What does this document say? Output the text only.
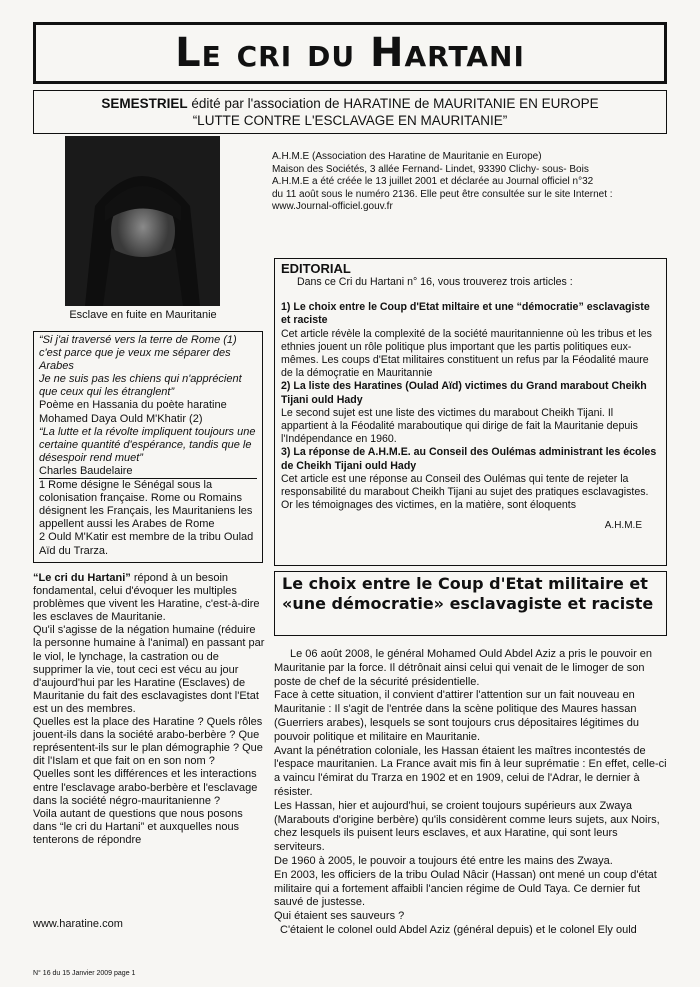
Le cri du Hartani
SEMESTRIEL édité par l'association de HARATINE de MAURITANIE EN EUROPE
“LUTTE CONTRE L'ESCLAVAGE EN MAURITANIE”
Esclave en fuite en Mauritanie
A.H.M.E (Association des Haratine de Mauritanie en Europe)
Maison des Sociétés, 3 allée Fernand- Lindet, 93390 Clichy- sous- Bois
A.H.M.E a été créée le 13 juillet 2001 et déclarée au Journal officiel n°32
du 11 août sous le numéro 2136. Elle peut être consultée sur le site Internet :
www.Journal-officiel.gouv.fr
EDITORIAL

Dans ce Cri du Hartani n° 16, vous trouverez trois articles :

1) Le choix entre le Coup d'Etat miltaire et une “démocratie” esclavagiste et raciste

Cet article révèle la complexité de la société mauritannienne où les tribus et les ethnies jouent un rôle politique plus important que les partis politiques eux-mêmes. Les coups d'Etat militaires constituent un refus par la Féodalité maure de la démoçratie en Mauritannie

2) La liste des Haratines (Oulad Aïd) victimes du Grand marabout Cheikh Tijani ould Hady

Le second sujet est une liste des victimes du marabout Cheikh Tijani. Il appartient à la Féodalité maraboutique qui dirige de fait la Mauritanie depuis l'Indépendance en 1960.

3) La réponse de A.H.M.E. au Conseil des Oulémas administrant les écoles de Cheikh Tijani ould Hady

Cet article est une réponse au Conseil des Oulémas qui tente de rejeter la responsabilité du marabout Cheikh Tijani au sujet des pratiques esclavagistes. Or les témoignages des victimes, en la matière, sont éloquents

A.H.M.E

“Si j'ai traversé vers la terre de Rome (1) c'est parce que je veux me séparer des Arabes

Je ne suis pas les chiens qui n'apprécient que ceux qui les étranglent”

Poème en Hassania du poète haratine Mohamed Daya Ould M'Khatir (2)

“La lutte et la révolte impliquent toujours une certaine quantité d'espérance, tandis que le désespoir rend muet”

Charles Baudelaire

1 Rome désigne le Sénégal sous la colonisation française. Rome ou Romains désignent les Français, les Mauritaniens les appellent aussi les Arabes de Rome

2 Ould M'Katir est membre de la tribu Oulad Aïd du Trarza.

“Le cri du Hartani” répond à un besoin fondamental, celui d'évoquer les multiples problèmes que vivent les Haratine, c'est-à-dire les esclaves de Mauritanie.

Qu'il s'agisse de la négation humaine (réduire la personne humaine à l'animal) en passant par le viol, le lynchage, la castration ou de supprimer la vie, tout ceci est vécu au jour d'aujourd'hui par les Haratine (Esclaves) de Mauritanie du fait des esclavagistes dont l'Etat est un des membres.

Quelles est la place des Haratine ? Quels rôles jouent-ils dans la société arabo-berbère ? Que représentent-ils sur le plan démographie ? Que dit l'Islam et que fait on en son nom ?

Quelles sont les différences et les interactions entre l'esclavage arabo-berbère et l'esclavage dans la société négro-mauritanienne ?

Voila autant de questions que nous posons dans “le cri du Hartani” et auxquelles nous tenterons de répondre

www.haratine.com
N° 16 du 15 Janvier 2009 page 1
Le choix entre le Coup d'Etat militaire et «une démocratie» esclavagiste et raciste

Le 06 août 2008, le général Mohamed Ould Abdel Aziz a pris le pouvoir en Mauritanie par la force. Il détrônait ainsi celui qui venait de le limoger de son poste de chef de la sécurité présidentielle.

Face à cette situation, il convient d'attirer l'attention sur un fait nouveau en Mauritanie : Il s'agit de l'entrée dans la scène politique des Maures hassan (Guerriers arabes), lesquels se sont toujours crus dépositaires légitimes du pouvoir politique et militaire en Mauritanie.

Avant la pénétration coloniale, les Hassan étaient les maîtres incontestés de l'espace mauritanien. La France avait mis fin à leur suprématie : En effet, celle-ci a vaincu l'émirat du Trarza en 1902 et en 1909, celui de l'Adrar, le dernier à résister.

Les Hassan, hier et aujourd'hui, se croient toujours supérieurs aux Zwaya (Marabouts d'origine berbère) qu'ils considèrent comme leurs sujets, aux Noirs, chez lesquels ils puisent leurs esclaves, et aux Haratine, qui sont leurs serviteurs.

De 1960 à 2005, le pouvoir a toujours été entre les mains des Zwaya.

En 2003, les officiers de la tribu Oulad Nâcir (Hassan) ont mené un coup d'état militaire qui a fortement affaibli l'ancien régime de Ould Taya. Ce dernier fut sauvé de justesse.

Qui étaient ses sauveurs ?

C'étaient le colonel ould Abdel Aziz (général depuis) et le colonel Ely ould
